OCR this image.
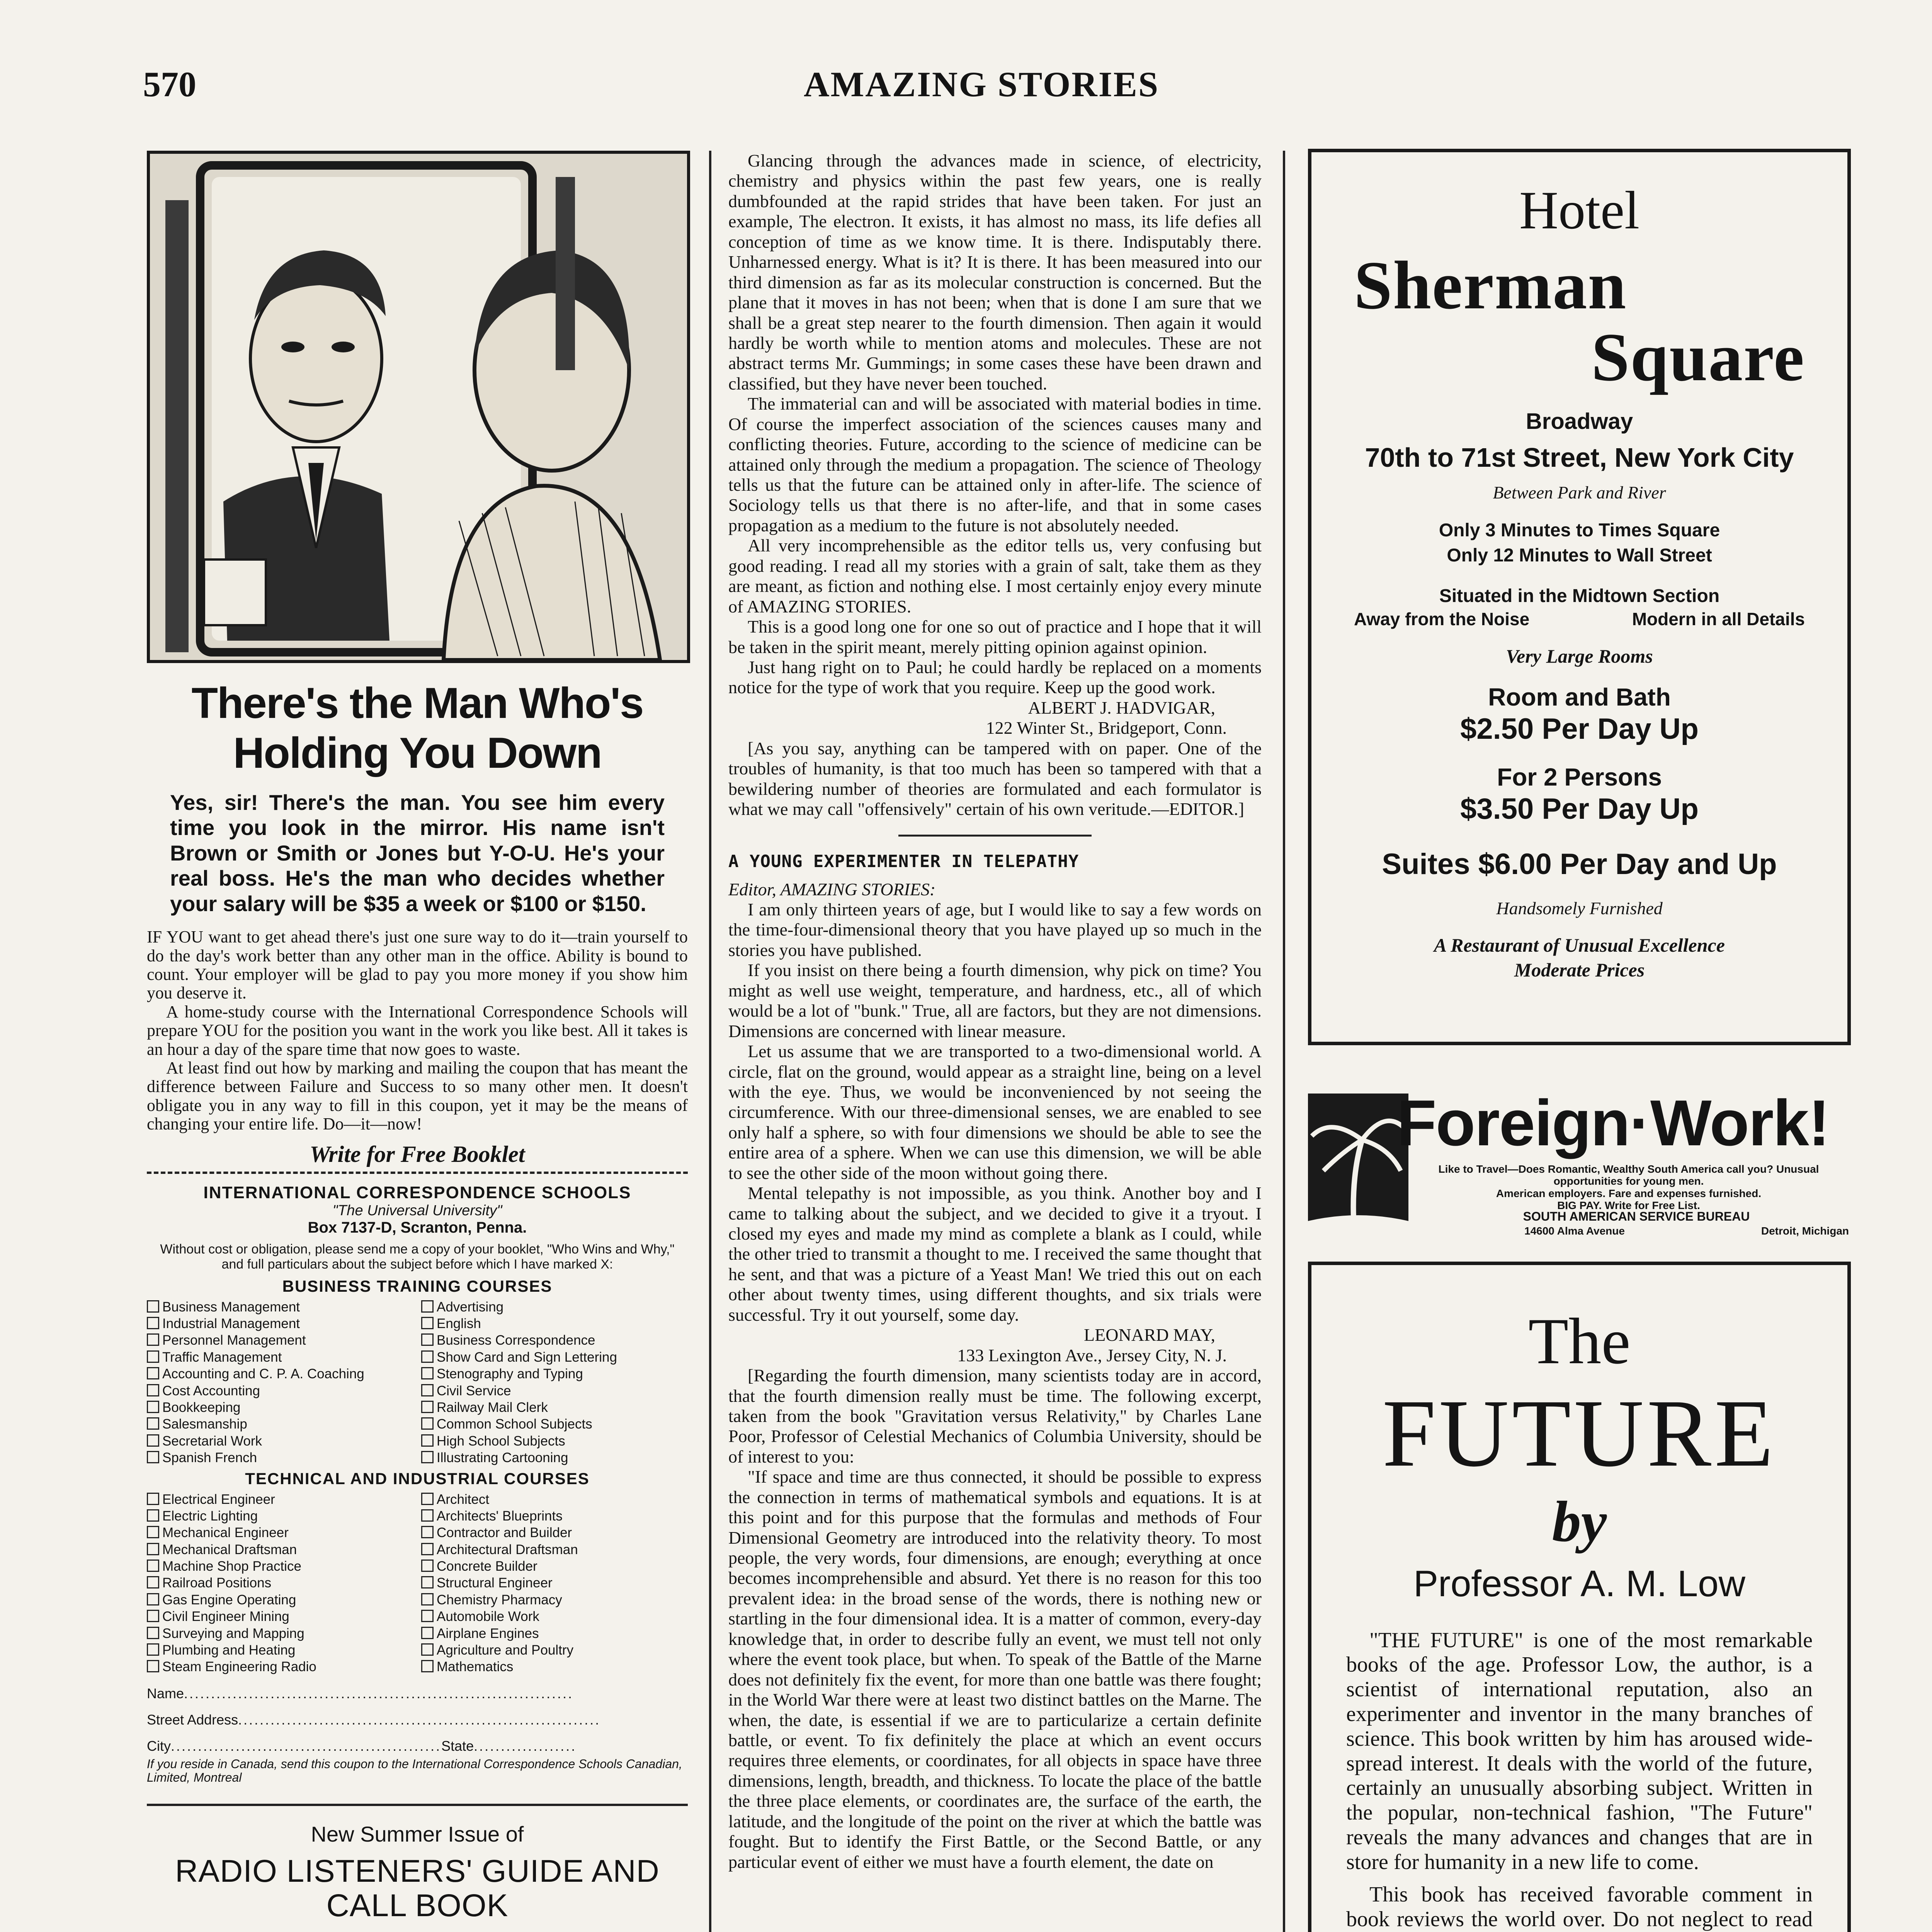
570	AMAZING STORIES
There's the Man Who's Holding You Down
Yes, sir! There's the man. You see him every time you look in the mirror. His name isn't Brown or Smith or Jones but Y-O-U. He's your real boss. He's the man who decides whether your salary will be $35 a week or $100 or $150.

IF YOU want to get ahead there's just one sure way to do it—train yourself to do the day's work better than any other man in the office. Ability is bound to count. Your employer will be glad to pay you more money if you show him you deserve it.

A home-study course with the International Correspondence Schools will prepare YOU for the position you want in the work you like best. All it takes is an hour a day of the spare time that now goes to waste.

At least find out how by marking and mailing the coupon that has meant the difference between Failure and Success to so many other men. It doesn't obligate you in any way to fill in this coupon, yet it may be the means of changing your entire life. Do—it—now!

Write for Free Booklet
INTERNATIONAL CORRESPONDENCE SCHOOLS
"The Universal University"
Box 7137-D, Scranton, Penna.
Without cost or obligation, please send me a copy of your booklet, "Who Wins and Why," and full particulars about the subject before which I have marked X:
BUSINESS TRAINING COURSES
Business Management	Advertising
Industrial Management	English
Personnel Management	Business Correspondence
Traffic Management	Show Card and Sign Lettering
Accounting and C. P. A. Coaching	Stenography and Typing
Cost Accounting	Civil Service
Bookkeeping	Railway Mail Clerk
Salesmanship	Common School Subjects
Secretarial Work	High School Subjects
Spanish French	Illustrating Cartooning
TECHNICAL AND INDUSTRIAL COURSES
Electrical Engineer	Architect
Electric Lighting	Architects' Blueprints
Mechanical Engineer	Contractor and Builder
Mechanical Draftsman	Architectural Draftsman
Machine Shop Practice	Concrete Builder
Railroad Positions	Structural Engineer
Gas Engine Operating	Chemistry Pharmacy
Civil Engineer Mining	Automobile Work
Surveying and Mapping	Airplane Engines
Plumbing and Heating	Agriculture and Poultry
Steam Engineering Radio	Mathematics
Name........................................................................
Street Address...................................................................
City..................................................State...................
If you reside in Canada, send this coupon to the International Correspondence Schools Canadian, Limited, Montreal
New Summer Issue of
RADIO LISTENERS' GUIDE AND CALL BOOK

Glancing through the advances made in science, of electricity, chemistry and physics within the past few years, one is really dumbfounded at the rapid strides that have been taken. For just an example, The electron. It exists, it has almost no mass, its life defies all conception of time as we know time. It is there. Indisputably there. Unharnessed energy. What is it? It is there. It has been measured into our third dimension as far as its molecular construction is concerned. But the plane that it moves in has not been; when that is done I am sure that we shall be a great step nearer to the fourth dimension. Then again it would hardly be worth while to mention atoms and molecules. These are not abstract terms Mr. Gummings; in some cases these have been drawn and classified, but they have never been touched.

The immaterial can and will be associated with material bodies in time. Of course the imperfect association of the sciences causes many and conflicting theories. Future, according to the science of medicine can be attained only through the medium a propagation. The science of Theology tells us that the future can be attained only in after-life. The science of Sociology tells us that there is no after-life, and that in some cases propagation as a medium to the future is not absolutely needed.

All very incomprehensible as the editor tells us, very confusing but good reading. I read all my stories with a grain of salt, take them as they are meant, as fiction and nothing else. I most certainly enjoy every minute of AMAZING STORIES.

This is a good long one for one so out of practice and I hope that it will be taken in the spirit meant, merely pitting opinion against opinion.

Just hang right on to Paul; he could hardly be replaced on a moments notice for the type of work that you require. Keep up the good work.

ALBERT J. HADVIGAR,

122 Winter St., Bridgeport, Conn.

[As you say, anything can be tampered with on paper. One of the troubles of humanity, is that too much has been so tampered with that a bewildering number of theories are formulated and each formulator is what we may call "offensively" certain of his own veritude.—EDITOR.]

A YOUNG EXPERIMENTER IN TELEPATHY

Editor, AMAZING STORIES:

I am only thirteen years of age, but I would like to say a few words on the time-four-dimensional theory that you have played up so much in the stories you have published.

If you insist on there being a fourth dimension, why pick on time? You might as well use weight, temperature, and hardness, etc., all of which would be a lot of "bunk." True, all are factors, but they are not dimensions. Dimensions are concerned with linear measure.

Let us assume that we are transported to a two-dimensional world. A circle, flat on the ground, would appear as a straight line, being on a level with the eye. Thus, we would be inconvenienced by not seeing the circumference. With our three-dimensional senses, we are enabled to see only half a sphere, so with four dimensions we should be able to see the entire area of a sphere. When we can use this dimension, we will be able to see the other side of the moon without going there.

Mental telepathy is not impossible, as you think. Another boy and I came to talking about the subject, and we decided to give it a tryout. I closed my eyes and made my mind as complete a blank as I could, while the other tried to transmit a thought to me. I received the same thought that he sent, and that was a picture of a Yeast Man! We tried this out on each other about twenty times, using different thoughts, and six trials were successful. Try it out yourself, some day.

LEONARD MAY,

133 Lexington Ave., Jersey City, N. J.

[Regarding the fourth dimension, many scientists today are in accord, that the fourth dimension really must be time. The following excerpt, taken from the book "Gravitation versus Relativity," by Charles Lane Poor, Professor of Celestial Mechanics of Columbia University, should be of interest to you:

"If space and time are thus connected, it should be possible to express the connection in terms of mathematical symbols and equations. It is at this point and for this purpose that the formulas and methods of Four Dimensional Geometry are introduced into the relativity theory. To most people, the very words, four dimensions, are enough; everything at once becomes incomprehensible and absurd. Yet there is no reason for this too prevalent idea: in the broad sense of the words, there is nothing new or startling in the four dimensional idea. It is a matter of common, every-day knowledge that, in order to describe fully an event, we must tell not only where the event took place, but when. To speak of the Battle of the Marne does not definitely fix the event, for more than one battle was there fought; in the World War there were at least two distinct battles on the Marne. The when, the date, is essential if we are to particularize a certain definite battle, or event. To fix definitely the place at which an event occurs requires three elements, or coordinates, for all objects in space have three dimensions, length, breadth, and thickness. To locate the place of the battle the three place elements, or coordinates are, the surface of the earth, the latitude, and the longitude of the point on the river at which the battle was fought. But to identify the First Battle, or the Second Battle, or any particular event of either we must have a fourth element, the date on

Hotel
Sherman
Square
Broadway
70th to 71st Street, New York City
Between Park and River
Only 3 Minutes to Times Square
Only 12 Minutes to Wall Street
Situated in the Midtown Section
Away from the Noise	Modern in all Details
Very Large Rooms
Room and Bath
$2.50 Per Day Up
For 2 Persons
$3.50 Per Day Up
Suites $6.00 Per Day and Up
Handsomely Furnished
A Restaurant of Unusual Excellence
Moderate Prices
Foreign·Work!
Like to Travel—Does Romantic, Wealthy South America call you? Unusual opportunities for young men.
American employers. Fare and expenses furnished.
BIG PAY. Write for Free List.
SOUTH AMERICAN SERVICE BUREAU
14600 Alma Avenue	Detroit, Michigan
The
FUTURE
by
Professor A. M. Low

"THE FUTURE" is one of the most remarkable books of the age. Professor Low, the author, is a scientist of international reputation, also an experimenter and inventor in the many branches of science. This book written by him has aroused wide-spread interest. It deals with the world of the future, certainly an unusually absorbing subject. Written in the popular, non-technical fashion, "The Future" reveals the many advances and changes that are in store for humanity in a new life to come.

This book has received favorable comment in book reviews the world over. Do not neglect to read
